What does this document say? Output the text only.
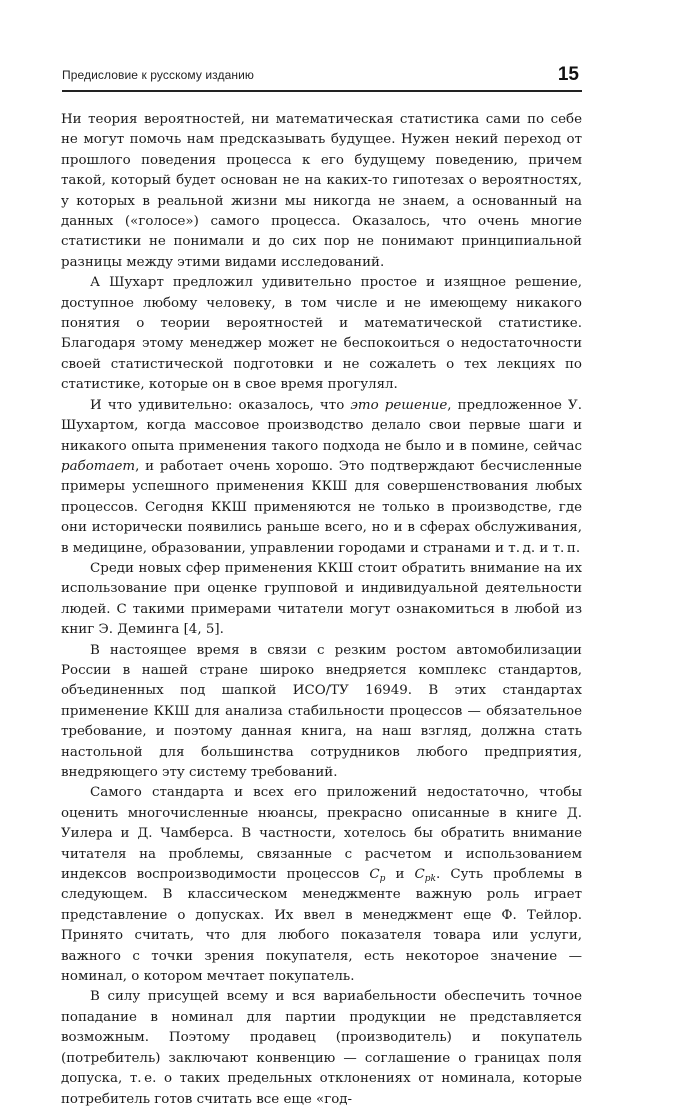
Предисловие к русскому изданию	15

Ни теория вероятностей, ни математическая статистика сами по себе не могут помочь нам предсказывать будущее. Нужен некий переход от прошлого поведения процесса к его будущему поведению, причем такой, который будет основан не на каких-то гипотезах о вероятностях, у которых в реальной жизни мы никогда не знаем, а основанный на данных («голосе») самого процесса. Оказалось, что очень многие статистики не понимали и до сих пор не понимают принципиальной разницы между этими видами исследований.

А Шухарт предложил удивительно простое и изящное решение, доступное любому человеку, в том числе и не имеющему никакого понятия о теории вероятностей и математической статистике. Благодаря этому менеджер может не беспокоиться о недостаточности своей статистической подготовки и не сожалеть о тех лекциях по статистике, которые он в свое время прогулял.

И что удивительно: оказалось, что это решение, предложенное У. Шухартом, когда массовое производство делало свои первые шаги и никакого опыта применения такого подхода не было и в помине, сейчас работает, и работает очень хорошо. Это подтверждают бесчисленные примеры успешного применения ККШ для совершенствования любых процессов. Сегодня ККШ применяются не только в производстве, где они исторически появились раньше всего, но и в сферах обслуживания, в медицине, образовании, управлении городами и странами и т. д. и т. п.

Среди новых сфер применения ККШ стоит обратить внимание на их использование при оценке групповой и индивидуальной деятельности людей. С такими примерами читатели могут ознакомиться в любой из книг Э. Деминга [4, 5].

В настоящее время в связи с резким ростом автомобилизации России в нашей стране широко внедряется комплекс стандартов, объединенных под шапкой ИСО/ТУ 16949. В этих стандартах применение ККШ для анализа стабильности процессов — обязательное требование, и поэтому данная книга, на наш взгляд, должна стать настольной для большинства сотрудников любого предприятия, внедряющего эту систему требований.

Самого стандарта и всех его приложений недостаточно, чтобы оценить многочисленные нюансы, прекрасно описанные в книге Д. Уилера и Д. Чамберса. В частности, хотелось бы обратить внимание читателя на проблемы, связанные с расчетом и использованием индексов воспроизводимости процессов $C_p$ и $C_{pk}$. Суть проблемы в следующем. В классическом менеджменте важную роль играет представление о допусках. Их ввел в менеджмент еще Ф. Тейлор. Принято считать, что для любого показателя товара или услуги, важного с точки зрения покупателя, есть некоторое значение — номинал, о котором мечтает покупатель.

В силу присущей всему и вся вариабельности обеспечить точное попадание в номинал для партии продукции не представляется возможным. Поэтому продавец (производитель) и покупатель (потребитель) заключают конвенцию — соглашение о границах поля допуска, т. е. о таких предельных отклонениях от номинала, которые потребитель готов считать все еще «год-
